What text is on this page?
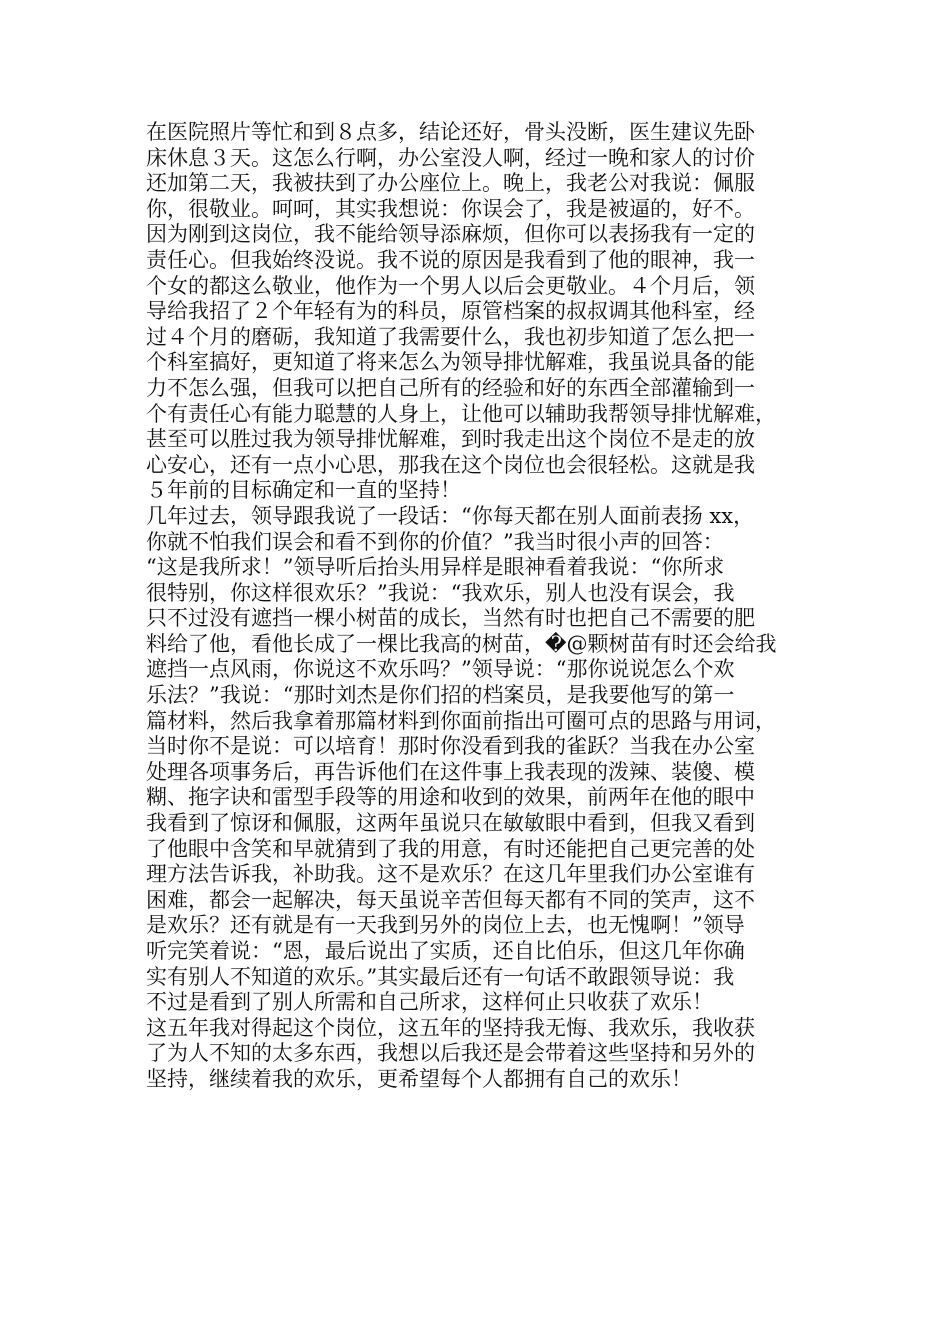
在医院照片等忙和到８点多，结论还好，骨头没断，医生建议先卧
床休息３天。这怎么行啊，办公室没人啊，经过一晚和家人的讨价
还加第二天，我被扶到了办公座位上。晚上，我老公对我说：佩服
你，很敬业。呵呵，其实我想说：你误会了，我是被逼的，好不。
因为刚到这岗位，我不能给领导添麻烦，但你可以表扬我有一定的
责任心。但我始终没说。我不说的原因是我看到了他的眼神，我一
个女的都这么敬业，他作为一个男人以后会更敬业。４个月后，领
导给我招了２个年轻有为的科员，原管档案的叔叔调其他科室，经
过４个月的磨砺，我知道了我需要什么，我也初步知道了怎么把一
个科室搞好，更知道了将来怎么为领导排忧解难，我虽说具备的能
力不怎么强，但我可以把自己所有的经验和好的东西全部灌输到一
个有责任心有能力聪慧的人身上，让他可以辅助我帮领导排忧解难，
甚至可以胜过我为领导排忧解难，到时我走出这个岗位不是走的放
心安心，还有一点小心思，那我在这个岗位也会很轻松。这就是我
５年前的目标确定和一直的坚持！
几年过去，领导跟我说了一段话：“你每天都在别人面前表扬 xx，
你就不怕我们误会和看不到你的价值？”我当时很小声的回答：
“这是我所求！”领导听后抬头用异样是眼神看着我说：“你所求
很特别，你这样很欢乐？”我说：“我欢乐，别人也没有误会，我
只不过没有遮挡一棵小树苗的成长，当然有时也把自己不需要的肥
料给了他，看他长成了一棵比我高的树苗，�@颗树苗有时还会给我
遮挡一点风雨，你说这不欢乐吗？”领导说：“那你说说怎么个欢
乐法？”我说：“那时刘杰是你们招的档案员，是我要他写的第一
篇材料，然后我拿着那篇材料到你面前指出可圈可点的思路与用词，
当时你不是说：可以培育！那时你没看到我的雀跃？当我在办公室
处理各项事务后，再告诉他们在这件事上我表现的泼辣、装傻、模
糊、拖字诀和雷型手段等的用途和收到的效果，前两年在他的眼中
我看到了惊讶和佩服，这两年虽说只在敏敏眼中看到，但我又看到
了他眼中含笑和早就猜到了我的用意，有时还能把自己更完善的处
理方法告诉我，补助我。这不是欢乐？在这几年里我们办公室谁有
困难，都会一起解决，每天虽说辛苦但每天都有不同的笑声，这不
是欢乐？还有就是有一天我到另外的岗位上去，也无愧啊！”领导
听完笑着说：“恩，最后说出了实质，还自比伯乐，但这几年你确
实有别人不知道的欢乐。”其实最后还有一句话不敢跟领导说：我
不过是看到了别人所需和自己所求，这样何止只收获了欢乐！
这五年我对得起这个岗位，这五年的坚持我无悔、我欢乐，我收获
了为人不知的太多东西，我想以后我还是会带着这些坚持和另外的
坚持，继续着我的欢乐，更希望每个人都拥有自己的欢乐！
